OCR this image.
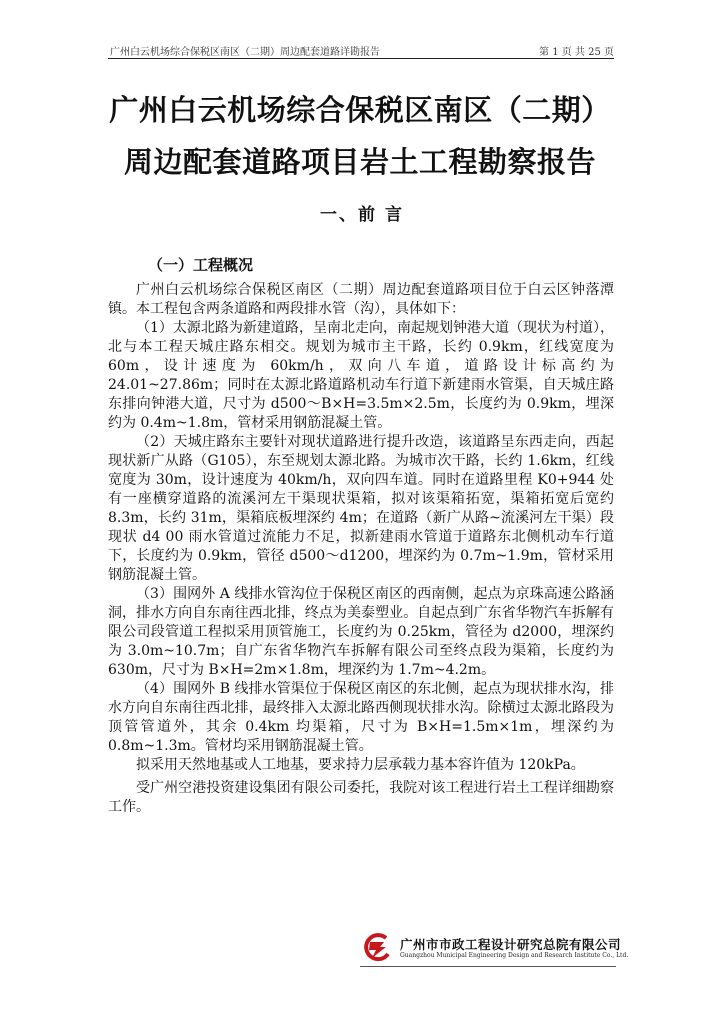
广州白云机场综合保税区南区（二期）周边配套道路详勘报告	第 1 页 共 25 页
广州白云机场综合保税区南区（二期）
周边配套道路项目岩土工程勘察报告
一、前 言
（一）工程概况

广州白云机场综合保税区南区（二期）周边配套道路项目位于白云区钟落潭镇。本工程包含两条道路和两段排水管（沟），具体如下：

（1）太源北路为新建道路，呈南北走向，南起规划钟港大道（现状为村道），北与本工程天城庄路东相交。规划为城市主干路，长约 0.9km，红线宽度为 60m，设计速度为 60km/h，双向八车道，道路设计标高约为 24.01~27.86m；同时在太源北路道路机动车行道下新建雨水管渠，自天城庄路东排向钟港大道，尺寸为 d500～B×H=3.5m×2.5m，长度约为 0.9km，埋深约为 0.4m~1.8m，管材采用钢筋混凝土管。

（2）天城庄路东主要针对现状道路进行提升改造，该道路呈东西走向，西起现状新广从路（G105），东至规划太源北路。为城市次干路，长约 1.6km，红线宽度为 30m，设计速度为 40km/h，双向四车道。同时在道路里程 K0+944 处有一座横穿道路的流溪河左干渠现状渠箱，拟对该渠箱拓宽，渠箱拓宽后宽约 8.3m，长约 31m，渠箱底板埋深约 4m；在道路（新广从路~流溪河左干渠）段现状 d4 00 雨水管道过流能力不足，拟新建雨水管道于道路东北侧机动车行道下，长度约为 0.9km，管径 d500～d1200，埋深约为 0.7m~1.9m，管材采用钢筋混凝土管。

（3）围网外 A 线排水管沟位于保税区南区的西南侧，起点为京珠高速公路涵洞，排水方向自东南往西北排，终点为美泰塑业。自起点到广东省华物汽车拆解有限公司段管道工程拟采用顶管施工，长度约为 0.25km，管径为 d2000，埋深约为 3.0m~10.7m；自广东省华物汽车拆解有限公司至终点段为渠箱，长度约为 630m，尺寸为 B×H=2m×1.8m，埋深约为 1.7m~4.2m。

（4）围网外 B 线排水管渠位于保税区南区的东北侧，起点为现状排水沟，排水方向自东南往西北排，最终排入太源北路西侧现状排水沟。除横过太源北路段为顶管管道外，其余 0.4km 均渠箱，尺寸为 B×H=1.5m×1m，埋深约为 0.8m~1.3m。管材均采用钢筋混凝土管。

拟采用天然地基或人工地基，要求持力层承载力基本容许值为 120kPa。

受广州空港投资建设集团有限公司委托，我院对该工程进行岩土工程详细勘察工作。

广州市市政工程设计研究总院有限公司
Guangzhou Municipal Engineering Design and Research Institute Co., Ltd.
